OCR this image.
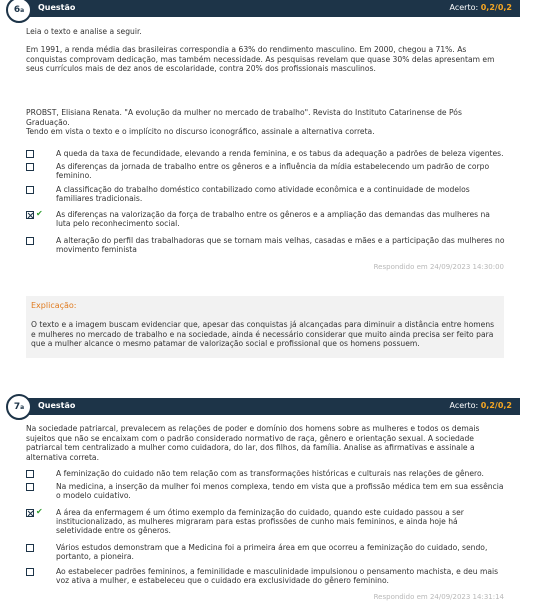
6 a Questão	Acerto: 0,2/0,2

Leia o texto e analise a seguir.

Em 1991, a renda média das brasileiras correspondia a 63% do rendimento masculino. Em 2000, chegou a 71%. As conquistas comprovam dedicação, mas também necessidade. As pesquisas revelam que quase 30% delas apresentam em seus currículos mais de dez anos de escolaridade, contra 20% dos profissionais masculinos.

PROBST, Elisiana Renata. "A evolução da mulher no mercado de trabalho". Revista do Instituto Catarinense de Pós Graduação.

Tendo em vista o texto e o implícito no discurso iconográfico, assinale a alternativa correta.

A queda da taxa de fecundidade, elevando a renda feminina, e os tabus da adequação a padrões de beleza vigentes.
As diferenças da jornada de trabalho entre os gêneros e a influência da mídia estabelecendo um padrão de corpo feminino.
A classificação do trabalho doméstico contabilizado como atividade econômica e a continuidade de modelos familiares tradicionais.
✔ As diferenças na valorização da força de trabalho entre os gêneros e a ampliação das demandas das mulheres na luta pelo reconhecimento social.
A alteração do perfil das trabalhadoras que se tornam mais velhas, casadas e mães e a participação das mulheres no movimento feminista
Respondido em 24/09/2023 14:30:00
Explicação:
O texto e a imagem buscam evidenciar que, apesar das conquistas já alcançadas para diminuir a distância entre homens e mulheres no mercado de trabalho e na sociedade, ainda é necessário considerar que muito ainda precisa ser feito para que a mulher alcance o mesmo patamar de valorização social e profissional que os homens possuem.
7 a Questão	Acerto: 0,2/0,2

Na sociedade patriarcal, prevalecem as relações de poder e domínio dos homens sobre as mulheres e todos os demais sujeitos que não se encaixam com o padrão considerado normativo de raça, gênero e orientação sexual. A sociedade patriarcal tem centralizado a mulher como cuidadora, do lar, dos filhos, da família. Analise as afirmativas e assinale a alternativa correta.

A feminização do cuidado não tem relação com as transformações históricas e culturais nas relações de gênero.
Na medicina, a inserção da mulher foi menos complexa, tendo em vista que a profissão médica tem em sua essência o modelo cuidativo.
✔ A área da enfermagem é um ótimo exemplo da feminização do cuidado, quando este cuidado passou a ser institucionalizado, as mulheres migraram para estas profissões de cunho mais femininos, e ainda hoje há seletividade entre os gêneros.
Vários estudos demonstram que a Medicina foi a primeira área em que ocorreu a feminização do cuidado, sendo, portanto, a pioneira.
Ao estabelecer padrões femininos, a feminilidade e masculinidade impulsionou o pensamento machista, e deu mais voz ativa a mulher, e estabeleceu que o cuidado era exclusividade do gênero feminino.
Respondido em 24/09/2023 14:31:14
